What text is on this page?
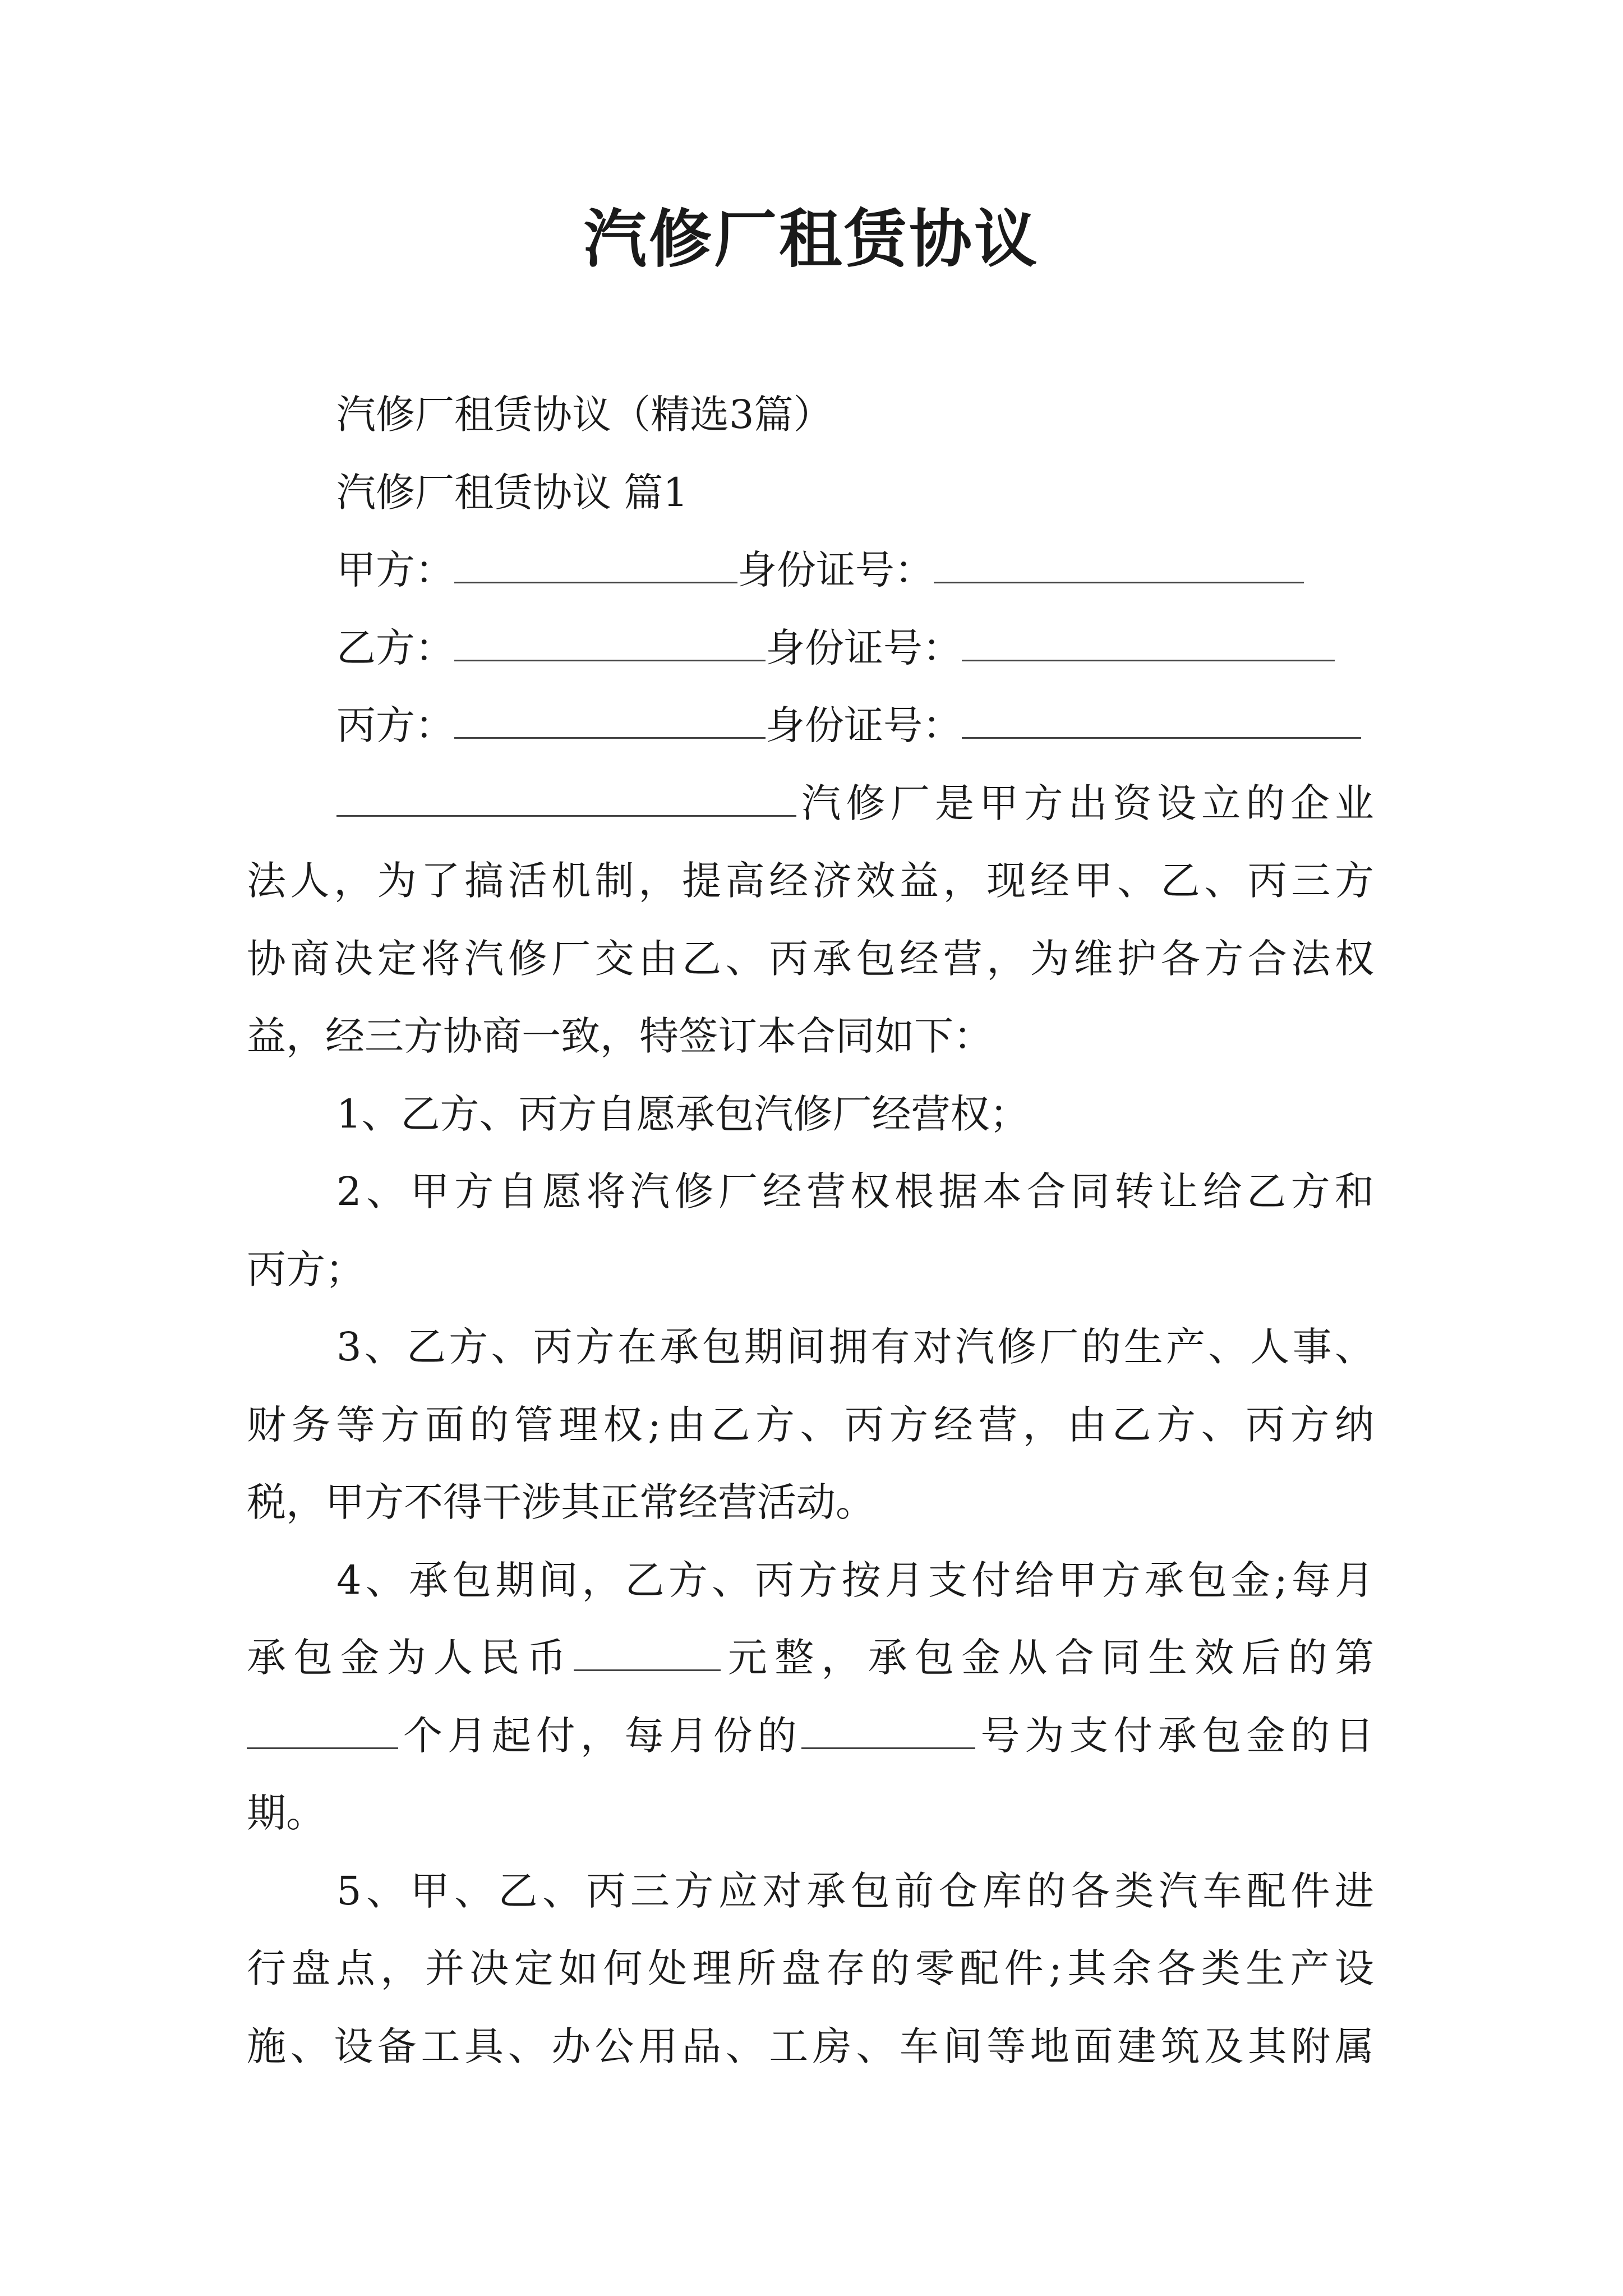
汽修厂租赁协议
汽修厂租赁协议（精选3篇）
汽修厂租赁协议 篇1
甲方：	身份证号：
乙方：	身份证号：
丙方：	身份证号：
汽修厂是甲方出资设立的企业
法人，为了搞活机制，提高经济效益，现经甲、乙、丙三方
协商决定将汽修厂交由乙、丙承包经营，为维护各方合法权
益，经三方协商一致，特签订本合同如下：
1、乙方、丙方自愿承包汽修厂经营权；
2、甲方自愿将汽修厂经营权根据本合同转让给乙方和
丙方；
3、乙方、丙方在承包期间拥有对汽修厂的生产、人事、
财务等方面的管理权;由乙方、丙方经营，由乙方、丙方纳
税，甲方不得干涉其正常经营活动。
4、承包期间，乙方、丙方按月支付给甲方承包金;每月
承包金为人民币	元整，承包金从合同生效后的第
个月起付，每月份的	号为支付承包金的日
期。
5、甲、乙、丙三方应对承包前仓库的各类汽车配件进
行盘点，并决定如何处理所盘存的零配件;其余各类生产设
施、设备工具、办公用品、工房、车间等地面建筑及其附属
